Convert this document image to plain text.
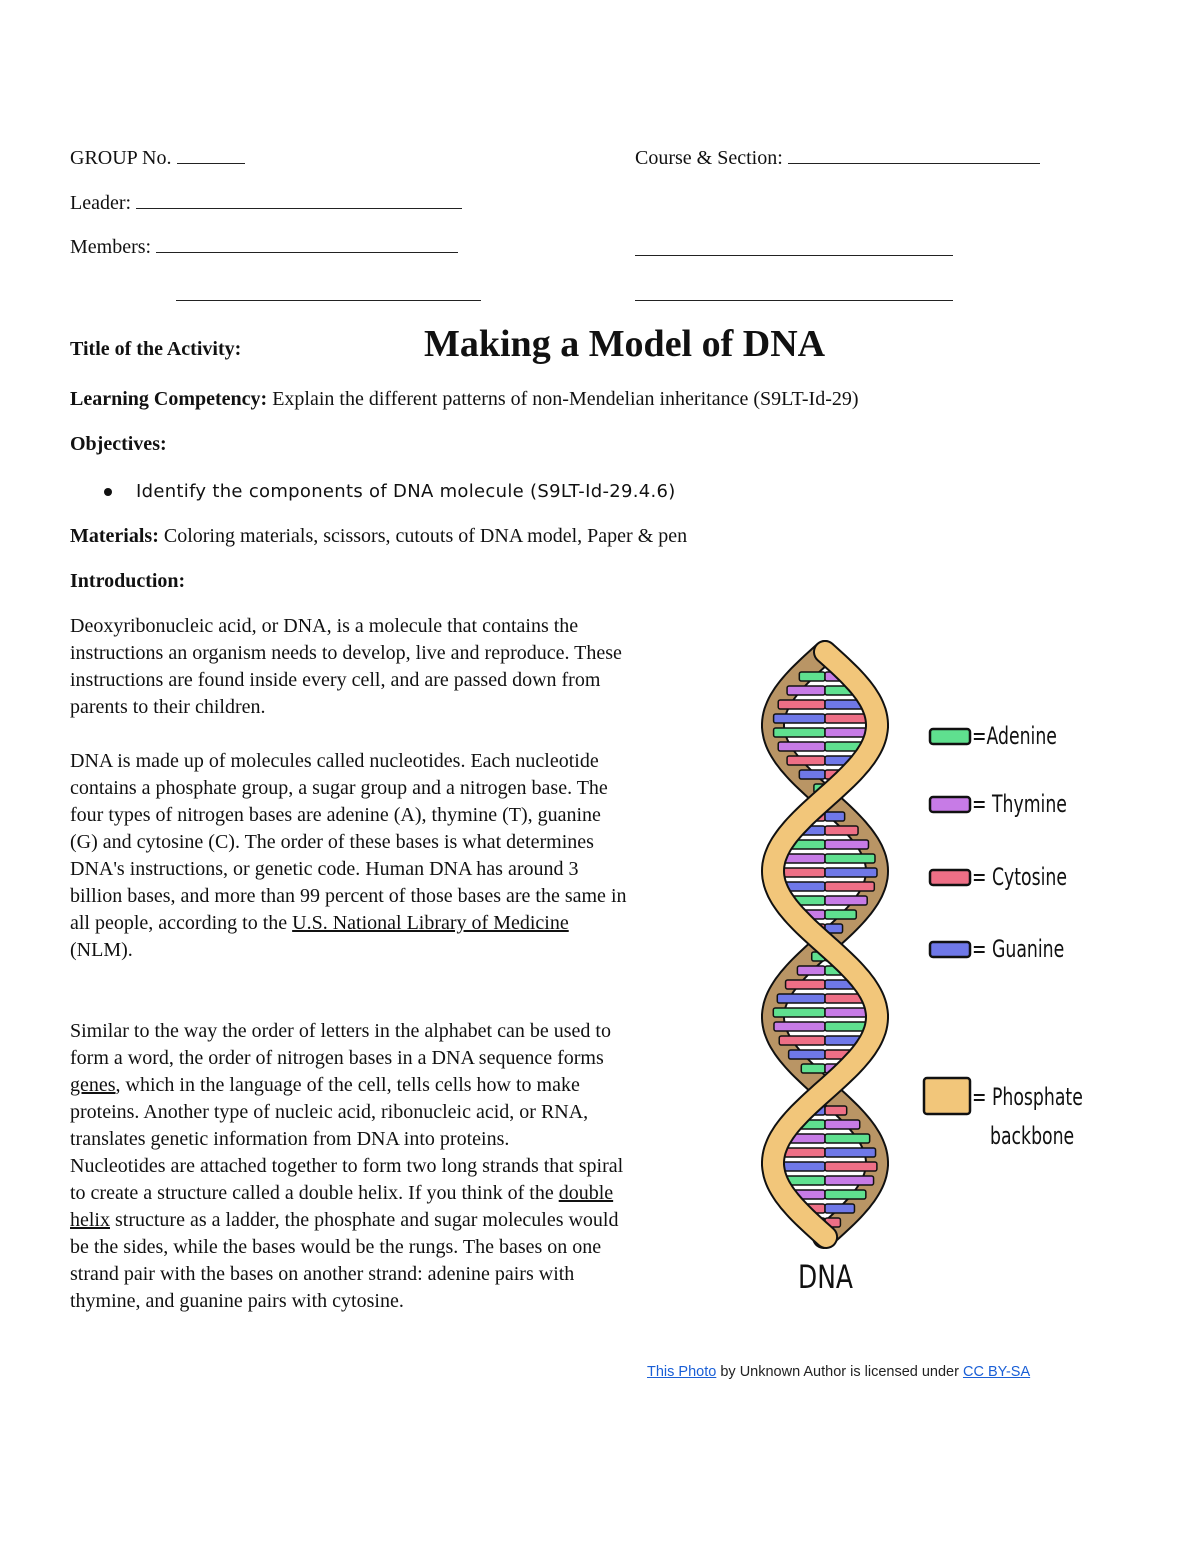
GROUP No.	Course & Section:
Leader:
Members:
Title of the Activity:	Making a Model of DNA
Learning Competency: Explain the different patterns of non-Mendelian inheritance (S9LT-Id-29)
Objectives:
Identify the components of DNA molecule (S9LT-Id-29.4.6)
Materials: Coloring materials, scissors, cutouts of DNA model, Paper & pen
Introduction:

Deoxyribonucleic acid, or DNA, is a molecule that contains the instructions an organism needs to develop, live and reproduce. These instructions are found inside every cell, and are passed down from parents to their children.

DNA is made up of molecules called nucleotides. Each nucleotide contains a phosphate group, a sugar group and a nitrogen base. The four types of nitrogen bases are adenine (A), thymine (T), guanine (G) and cytosine (C). The order of these bases is what determines DNA's instructions, or genetic code. Human DNA has around 3 billion bases, and more than 99 percent of those bases are the same in all people, according to the U.S. National Library of Medicine (NLM).

Similar to the way the order of letters in the alphabet can be used to form a word, the order of nitrogen bases in a DNA sequence forms genes, which in the language of the cell, tells cells how to make proteins. Another type of nucleic acid, ribonucleic acid, or RNA, translates genetic information from DNA into proteins.

Nucleotides are attached together to form two long strands that spiral to create a structure called a double helix. If you think of the double helix structure as a ladder, the phosphate and sugar molecules would be the sides, while the bases would be the rungs. The bases on one strand pair with the bases on another strand: adenine pairs with thymine, and guanine pairs with cytosine.

DNA
=Adenine
= Thymine
= Cytosine
= Guanine
= Phosphate
backbone
This Photo by Unknown Author is licensed under CC BY-SA
